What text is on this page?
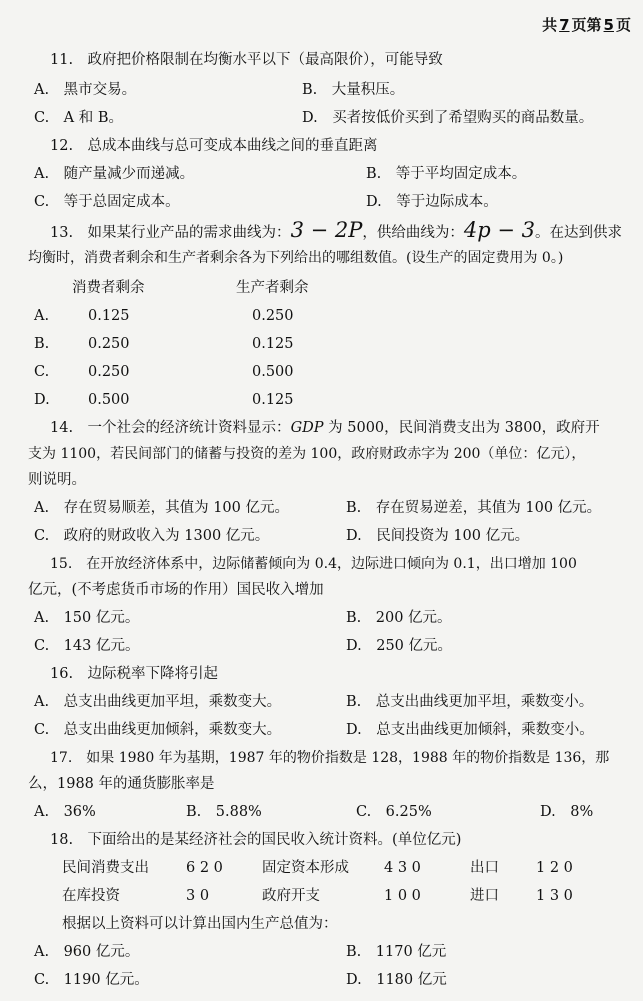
共 7 页第 5 页
11.　政府把价格限制在均衡水平以下（最高限价），可能导致
A.　黑市交易。	B.　大量积压。
C.　A 和 B。	D.　买者按低价买到了希望购买的商品数量。
12.　总成本曲线与总可变成本曲线之间的垂直距离
A.　随产量减少而递减。	B.　等于平均固定成本。
C.　等于总固定成本。	D.　等于边际成本。
13.　如果某行业产品的需求曲线为：3 − 2P，供给曲线为：4p − 3。在达到供求
均衡时，消费者剩余和生产者剩余各为下列给出的哪组数值。(设生产的固定费用为 0。)
消费者剩余	生产者剩余
A.	0.125	0.250
B.	0.250	0.125
C.	0.250	0.500
D.	0.500	0.125
14.　一个社会的经济统计资料显示：GDP 为 5000，民间消费支出为 3800，政府开
支为 1100，若民间部门的储蓄与投资的差为 100，政府财政赤字为 200（单位：亿元），
则说明。
A.　存在贸易顺差，其值为 100 亿元。	B.　存在贸易逆差，其值为 100 亿元。
C.　政府的财政收入为 1300 亿元。	D.　民间投资为 100 亿元。
15.　在开放经济体系中，边际储蓄倾向为 0.4，边际进口倾向为 0.1，出口增加 100
亿元，(不考虑货币市场的作用）国民收入增加
A.　150 亿元。	B.　200 亿元。
C.　143 亿元。	D.　250 亿元。
16.　边际税率下降将引起
A.　总支出曲线更加平坦，乘数变大。	B.　总支出曲线更加平坦，乘数变小。
C.　总支出曲线更加倾斜，乘数变大。	D.　总支出曲线更加倾斜，乘数变小。
17.　如果 1980 年为基期，1987 年的物价指数是 128，1988 年的物价指数是 136，那
么，1988 年的通货膨胀率是
A.　36%	B.　5.88%	C.　6.25%	D.　8%
18.　下面给出的是某经济社会的国民收入统计资料。(单位亿元)
民间消费支出	6 2 0	固定资本形成 4 3 0	出口	1 2 0
在库投资	3 0	政府开支	1 0 0	进口	1 3 0
根据以上资料可以计算出国内生产总值为：
A.　960 亿元。	B.　1170 亿元
C.　1190 亿元。	D.　1180 亿元
